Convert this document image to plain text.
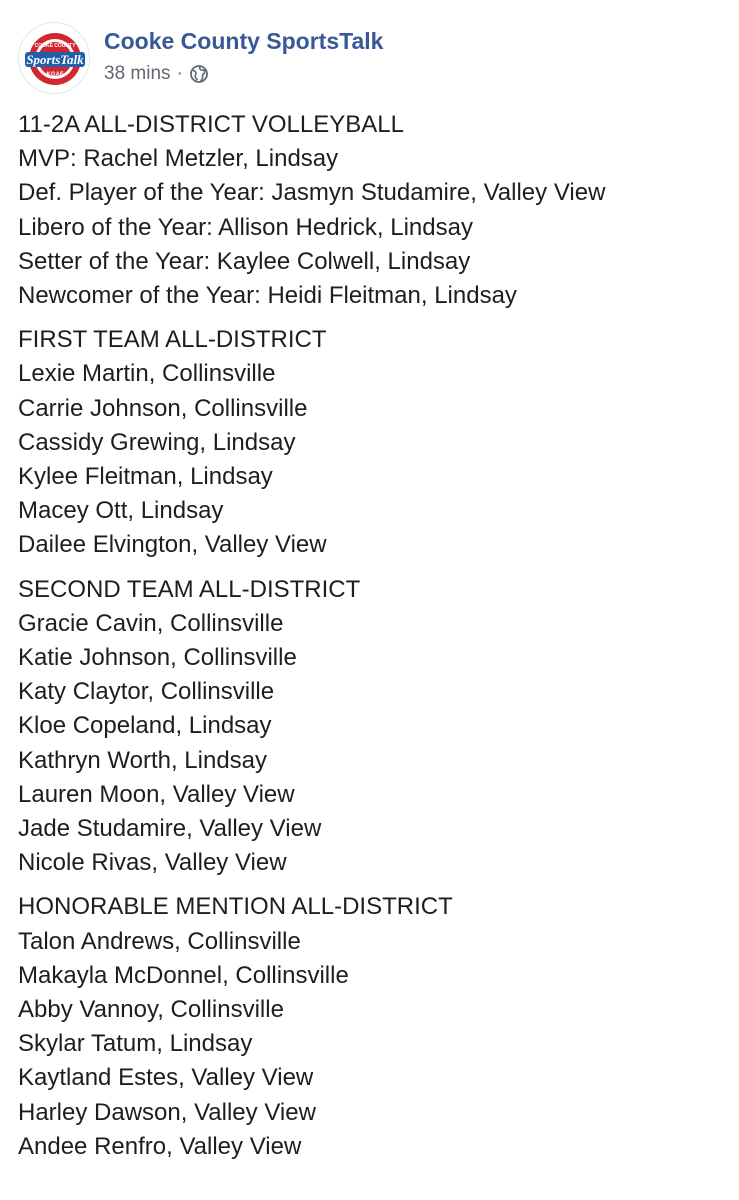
SportsTalk
COOKE COUNTY
KGAF
Cooke County SportsTalk
38 mins ·
11-2A ALL-DISTRICT VOLLEYBALL
MVP: Rachel Metzler, Lindsay
Def. Player of the Year: Jasmyn Studamire, Valley View
Libero of the Year: Allison Hedrick, Lindsay
Setter of the Year: Kaylee Colwell, Lindsay
Newcomer of the Year: Heidi Fleitman, Lindsay
FIRST TEAM ALL-DISTRICT
Lexie Martin, Collinsville
Carrie Johnson, Collinsville
Cassidy Grewing, Lindsay
Kylee Fleitman, Lindsay
Macey Ott, Lindsay
Dailee Elvington, Valley View
SECOND TEAM ALL-DISTRICT
Gracie Cavin, Collinsville
Katie Johnson, Collinsville
Katy Claytor, Collinsville
Kloe Copeland, Lindsay
Kathryn Worth, Lindsay
Lauren Moon, Valley View
Jade Studamire, Valley View
Nicole Rivas, Valley View
HONORABLE MENTION ALL-DISTRICT
Talon Andrews, Collinsville
Makayla McDonnel, Collinsville
Abby Vannoy, Collinsville
Skylar Tatum, Lindsay
Kaytland Estes, Valley View
Harley Dawson, Valley View
Andee Renfro, Valley View
